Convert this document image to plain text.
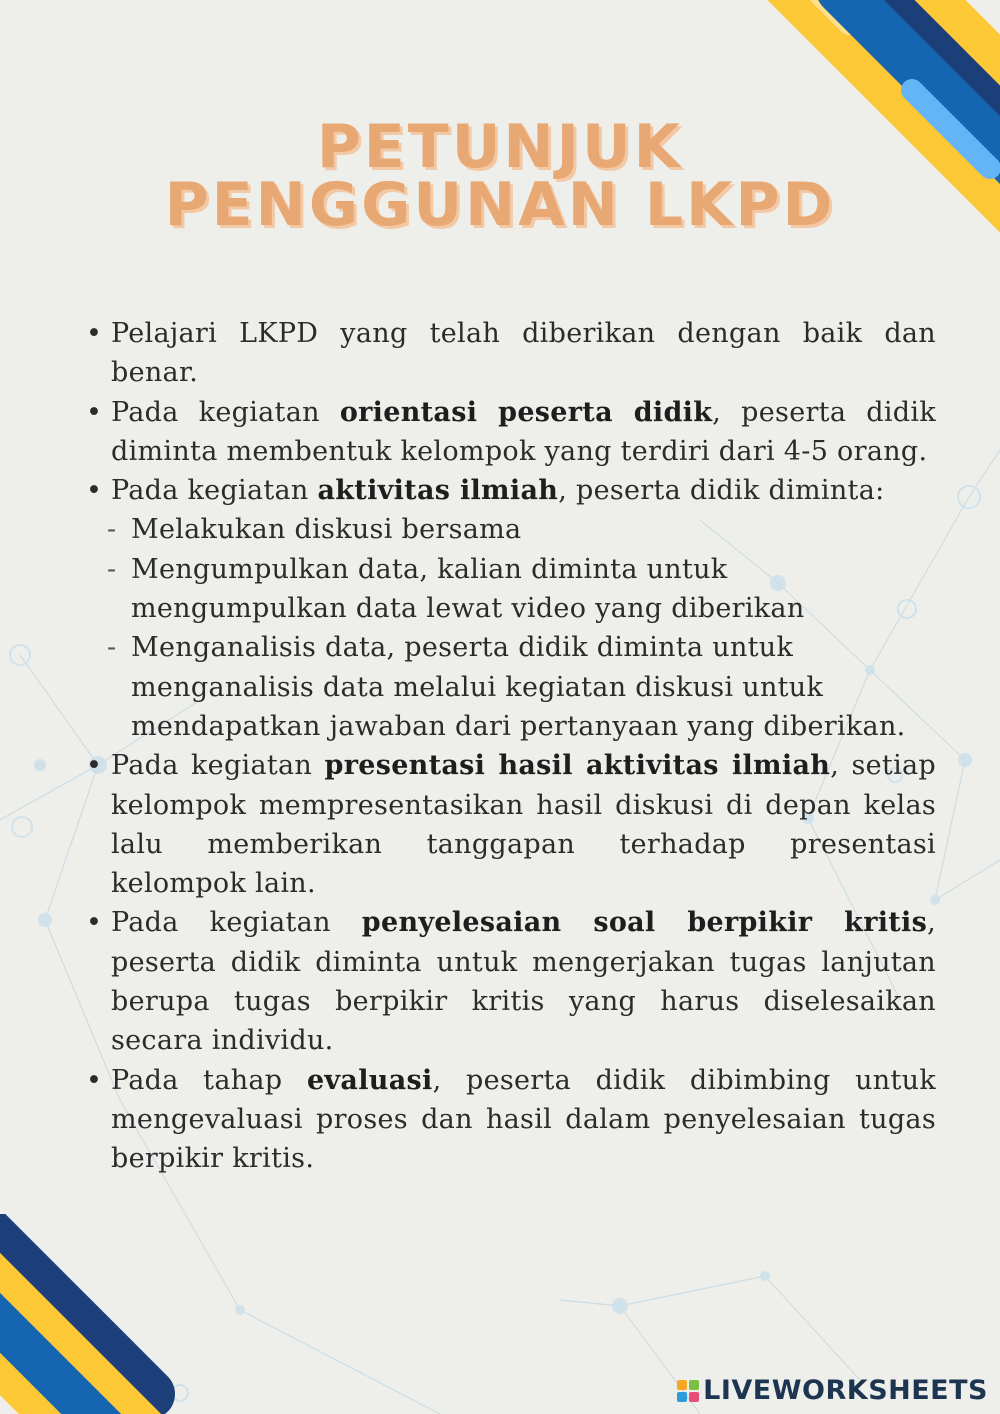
PETUNJUK
PENGGUNAN LKPD
• Pelajari LKPD yang telah diberikan dengan baik dan benar.
• Pada kegiatan orientasi peserta didik, peserta didik diminta membentuk kelompok yang terdiri dari 4-5 orang.
• Pada kegiatan aktivitas ilmiah, peserta didik diminta:
- Melakukan diskusi bersama
- Mengumpulkan data, kalian diminta untuk mengumpulkan data lewat video yang diberikan
- Menganalisis data, peserta didik diminta untuk menganalisis data melalui kegiatan diskusi untuk mendapatkan jawaban dari pertanyaan yang diberikan.
• Pada kegiatan presentasi hasil aktivitas ilmiah, setiap kelompok mempresentasikan hasil diskusi di depan kelas lalu memberikan tanggapan terhadap presentasi kelompok lain.
• Pada kegiatan penyelesaian soal berpikir kritis, peserta didik diminta untuk mengerjakan tugas lanjutan berupa tugas berpikir kritis yang harus diselesaikan secara individu.
• Pada tahap evaluasi, peserta didik dibimbing untuk mengevaluasi proses dan hasil dalam penyelesaian tugas berpikir kritis.
LIVEWORKSHEETS
